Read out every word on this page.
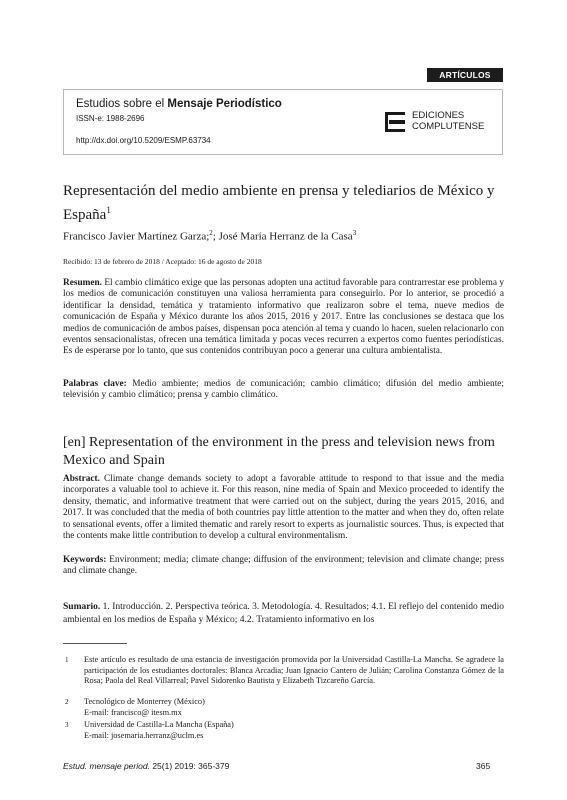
ARTÍCULOS
Estudios sobre el Mensaje Periodístico
ISSN-e: 1988-2696
http://dx.doi.org/10.5209/ESMP.63734
EDICIONES
COMPLUTENSE
Representación del medio ambiente en prensa y telediarios de México y España$^1$
Francisco Javier Martínez Garza;$^2$; José María Herranz de la Casa$^3$
Recibido: 13 de febrero de 2018 / Aceptado: 16 de agosto de 2018
Resumen. El cambio climático exige que las personas adopten una actitud favorable para contrarrestar ese problema y los medios de comunicación constituyen una valiosa herramienta para conseguirlo. Por lo anterior, se procedió a identificar la densidad, temática y tratamiento informativo que realizaron sobre el tema, nueve medios de comunicación de España y México durante los años 2015, 2016 y 2017. Entre las conclusiones se destaca que los medios de comunicación de ambos países, dispensan poca atención al tema y cuando lo hacen, suelen relacionarlo con eventos sensacionalistas, ofrecen una temática limitada y pocas veces recurren a expertos como fuentes periodísticas. Es de esperarse por lo tanto, que sus contenidos contribuyan poco a generar una cultura ambientalista.
Palabras clave: Medio ambiente; medios de comunicación; cambio climático; difusión del medio ambiente; televisión y cambio climático; prensa y cambio climático.
[en] Representation of the environment in the press and television news from Mexico and Spain
Abstract. Climate change demands society to adopt a favorable attitude to respond to that issue and the media incorporates a valuable tool to achieve it. For this reason, nine media of Spain and Mexico proceeded to identify the density, thematic, and informative treatment that were carried out on the subject, during the years 2015, 2016, and 2017. It was concluded that the media of both countries pay little attention to the matter and when they do, often relate to sensational events, offer a limited thematic and rarely resort to experts as journalistic sources. Thus, is expected that the contents make little contribution to develop a cultural environmentalism.
Keywords: Environment; media; climate change; diffusion of the environment; television and climate change; press and climate change.
Sumario. 1. Introducción. 2. Perspectiva teórica. 3. Metodología. 4. Resultados; 4.1. El reflejo del contenido medio ambiental en los medios de España y México; 4.2. Tratamiento informativo en los
1 Este artículo es resultado de una estancia de investigación promovida por la Universidad Castilla-La Mancha. Se agradece la participación de los estudiantes doctorales: Blanca Arcadia; Juan Ignacio Cantero de Julián; Carolina Constanza Gómez de la Rosa; Paola del Real Villarreal; Pavel Sidorenko Bautista y Elizabeth Tizcareño García.
2 Tecnológico de Monterrey (México)
E-mail: francisco@ itesm.mx
3 Universidad de Castilla-La Mancha (España)
E-mail: josemaria.herranz@uclm.es
Estud. mensaje period. 25(1) 2019: 365-379	365
